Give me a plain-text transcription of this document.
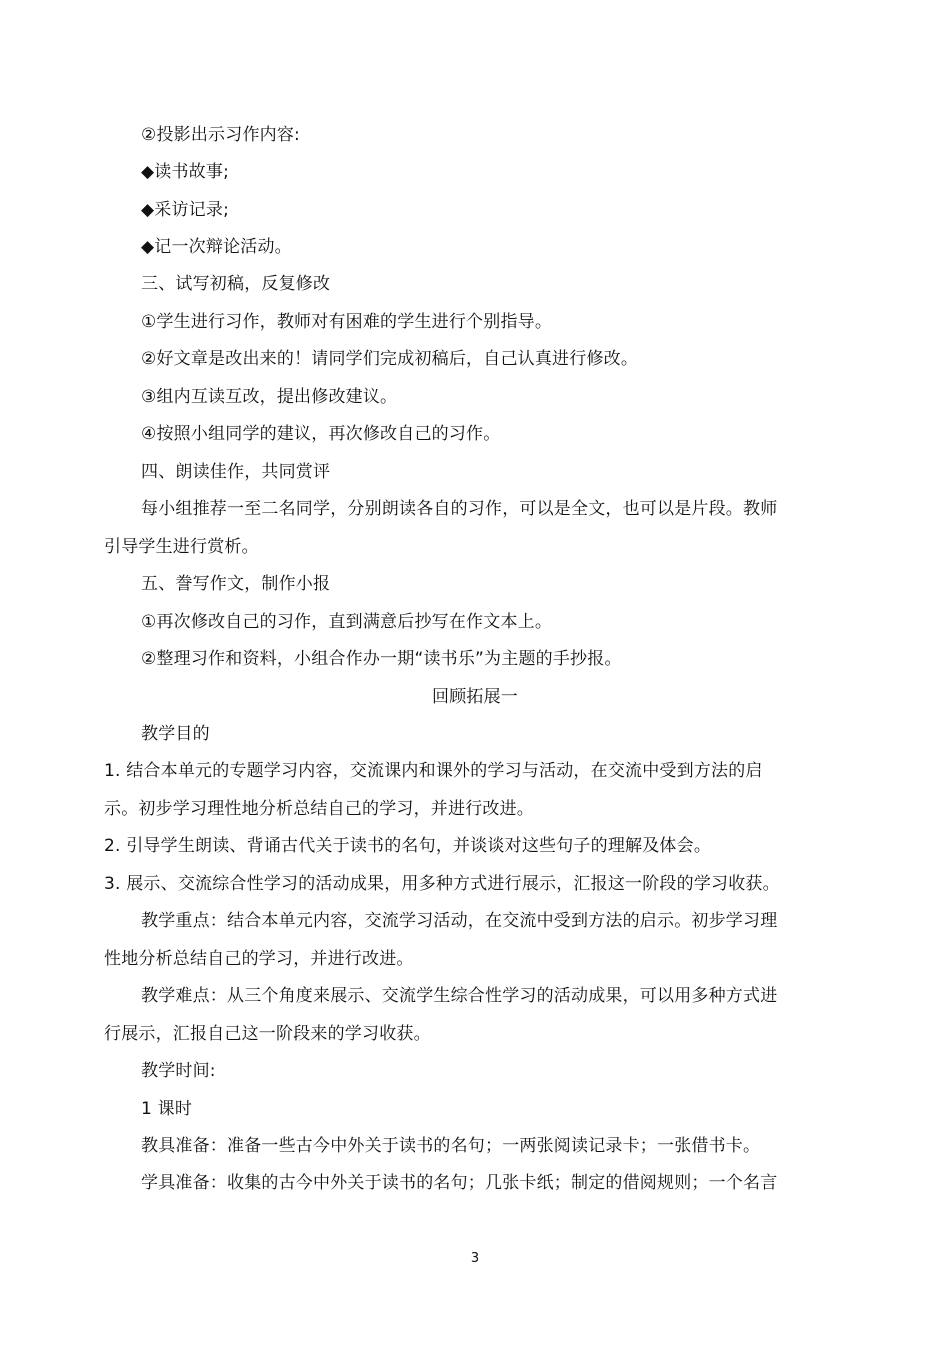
②投影出示习作内容:
◆读书故事;
◆采访记录;
◆记一次辩论活动。
三、试写初稿，反复修改
①学生进行习作，教师对有困难的学生进行个别指导。
②好文章是改出来的！请同学们完成初稿后，自己认真进行修改。
③组内互读互改，提出修改建议。
④按照小组同学的建议，再次修改自己的习作。
四、朗读佳作，共同赏评
每小组推荐一至二名同学，分别朗读各自的习作，可以是全文，也可以是片段。教师
引导学生进行赏析。
五、誊写作文，制作小报
①再次修改自己的习作，直到满意后抄写在作文本上。
②整理习作和资料，小组合作办一期“读书乐”为主题的手抄报。
回顾拓展一
教学目的
1. 结合本单元的专题学习内容，交流课内和课外的学习与活动，在交流中受到方法的启
示。初步学习理性地分析总结自己的学习，并进行改进。
2. 引导学生朗读、背诵古代关于读书的名句，并谈谈对这些句子的理解及体会。
3. 展示、交流综合性学习的活动成果，用多种方式进行展示，汇报这一阶段的学习收获。
教学重点：结合本单元内容，交流学习活动，在交流中受到方法的启示。初步学习理
性地分析总结自己的学习，并进行改进。
教学难点：从三个角度来展示、交流学生综合性学习的活动成果，可以用多种方式进
行展示，汇报自己这一阶段来的学习收获。
教学时间:
1 课时
教具准备：准备一些古今中外关于读书的名句；一两张阅读记录卡；一张借书卡。
学具准备：收集的古今中外关于读书的名句；几张卡纸；制定的借阅规则；一个名言
3
